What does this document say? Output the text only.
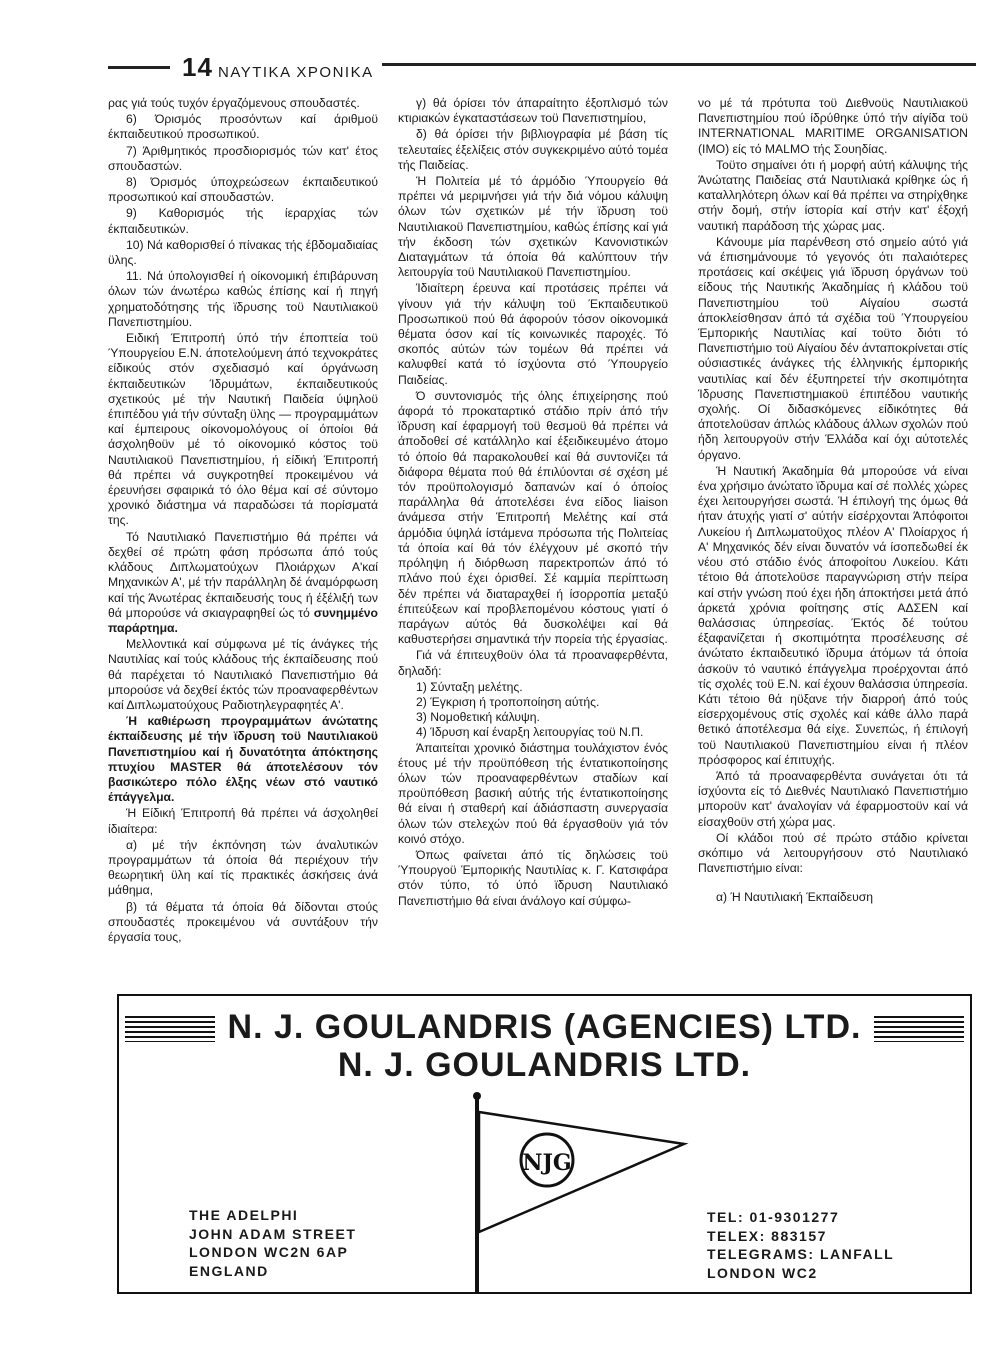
14 ΝΑΥΤΙΚΑ ΧΡΟΝΙΚΑ

ρας γιά τούς τυχόν έργαζόμενους σπουδαστές.

6) Όρισμός προσόντων καί άριθμοϋ έκπαιδευτικού προσωπικού.

7) Άριθμητικός προσδιορισμός τών κατ' έτος σπουδαστών.

8) Όρισμός ύποχρεώσεων έκπαιδευτικού προσωπικού καί σπουδαστών.

9) Καθορισμός τής ίεραρχίας τών έκπαιδευτικών.

10) Νά καθορισθεί ό πίνακας τής έβδομαδιαίας ϋλης.

11. Νά ύπολογισθεί ή οίκονομική έπιβάρυνση όλων τών άνωτέρω καθώς έπίσης καί ή πηγή χρηματοδότησης τής ϊδρυσης τοϋ Ναυτιλιακοϋ Πανεπιστημίου.

Ειδική Έπιτροπή ύπό τήν έποπτεία τοϋ Ύπουργείου Ε.Ν. άποτελούμενη άπό τεχνοκράτες είδικούς στόν σχεδιασμό καί όργάνωση έκπαιδευτικών Ίδρυμάτων, έκπαιδευτικούς σχετικούς μέ τήν Ναυτική Παιδεία ύψηλοϋ έπιπέδου γιά τήν σύνταξη ϋλης — προγραμμάτων καί έμπειρους οίκονομολόγους οί όποίοι θά άσχοληθοϋν μέ τό οίκονομικό κόστος τοϋ Ναυτιλιακοϋ Πανεπιστημίου, ή είδική Έπιτροπή θά πρέπει νά συγκροτηθεί προκειμένου νά έρευνήσει σφαιρικά τό όλο θέμα καί σέ σύντομο χρονικό διάστημα νά παραδώσει τά πορίσματά της.

Τό Ναυτιλιακό Πανεπιστήμιο θά πρέπει νά δεχθεί σέ πρώτη φάση πρόσωπα άπό τούς κλάδους Διπλωματούχων Πλοιάρχων Α'καί Μηχανικών Α', μέ τήν παράλληλη δέ άναμόρφωση καί τής Άνωτέρας έκπαιδευσής τους ή έξέλιξή των θά μπορούσε νά σκιαγραφηθεί ώς τό συνημμένο παράρτημα.

Μελλοντικά καί σύμφωνα μέ τίς άνάγκες τής Ναυτιλίας καί τούς κλάδους τής έκπαίδευσης πού θά παρέχεται τό Ναυτιλιακό Πανεπιστήμιο θά μπορούσε νά δεχθεί έκτός τών προαναφερθέντων καί Διπλωματούχους Ραδιοτηλεγραφητές Α'.

Ή καθιέρωση προγραμμάτων άνώτατης έκπαίδευσης μέ τήν ϊδρυση τοϋ Ναυτιλιακοϋ Πανεπιστημίου καί ή δυνατότητα άπόκτησης πτυχίου MASTER θά άποτελέσουν τόν βασικώτερο πόλο έλξης νέων στό ναυτικό έπάγγελμα.

Ή Είδική Έπιτροπή θά πρέπει νά άσχοληθεί ίδιαίτερα:

α) μέ τήν έκπόνηση τών άναλυτικών προγραμμάτων τά όποία θά περιέχουν τήν θεωρητική ϋλη καί τίς πρακτικές άσκήσεις άνά μάθημα,

β) τά θέματα τά όποία θά δίδονται στούς σπουδαστές προκειμένου νά συντάξουν τήν έργασία τους,

γ) θά όρίσει τόν άπαραίτητο έξοπλισμό τών κτιριακών έγκαταστάσεων τοϋ Πανεπιστημίου,

δ) θά όρίσει τήν βιβλιογραφία μέ βάση τίς τελευταίες έξελίξεις στόν συγκεκριμένο αύτό τομέα τής Παιδείας.

Ή Πολιτεία μέ τό άρμόδιο Ύπουργείο θά πρέπει νά μεριμνήσει γιά τήν διά νόμου κάλυψη όλων τών σχετικών μέ τήν ϊδρυση τοϋ Ναυτιλιακοϋ Πανεπιστημίου, καθώς έπίσης καί γιά τήν έκδοση τών σχετικών Κανονιστικών Διαταγμάτων τά όποία θά καλύπτουν τήν λειτουργία τοϋ Ναυτιλιακοϋ Πανεπιστημίου.

Ίδιαίτερη έρευνα καί προτάσεις πρέπει νά γίνουν γιά τήν κάλυψη τοϋ Έκπαιδευτικοϋ Προσωπικοϋ πού θά άφορούν τόσον οίκονομικά θέματα όσον καί τίς κοινωνικές παροχές. Τό σκοπός αύτών τών τομέων θά πρέπει νά καλυφθεί κατά τό ίσχύοντα στό Ύπουργείο Παιδείας.

Ό συντονισμός τής όλης έπιχείρησης πού άφορά τό προκαταρτικό στάδιο πρίν άπό τήν ϊδρυση καί έφαρμογή τοϋ θεσμοϋ θά πρέπει νά άποδοθεί σέ κατάλληλο καί έξειδικευμένο άτομο τό όποίο θά παρακολουθεί καί θά συντονίζει τά διάφορα θέματα πού θά έπιλύονται σέ σχέση μέ τόν προϋπολογισμό δαπανών καί ό όποίος παράλληλα θά άποτελέσει ένα είδος liaison άνάμεσα στήν Έπιτροπή Μελέτης καί στά άρμόδια ύψηλά ίστάμενα πρόσωπα τής Πολιτείας τά όποία καί θά τόν έλέγχουν μέ σκοπό τήν πρόληψη ή διόρθωση παρεκτροπών άπό τό πλάνο πού έχει όρισθεί. Σέ καμμία περίπτωση δέν πρέπει νά διαταραχθεί ή ίσορροπία μεταξύ έπιτεύξεων καί προβλεπομένου κόστους γιατί ό παράγων αύτός θά δυσκολέψει καί θά καθυστερήσει σημαντικά τήν πορεία τής έργασίας.

Γιά νά έπιτευχθοϋν όλα τά προαναφερθέντα, δηλαδή:

1) Σύνταξη μελέτης.

2) Έγκριση ή τροποποίηση αύτής.

3) Νομοθετική κάλυψη.

4) Ίδρυση καί έναρξη λειτουργίας τοϋ Ν.Π.

Άπαιτείται χρονικό διάστημα τουλάχιστον ένός έτους μέ τήν προϋπόθεση τής έντατικοποίησης όλων τών προαναφερθέντων σταδίων καί προϋπόθεση βασική αύτής τής έντατικοποίησης θά είναι ή σταθερή καί άδιάσπαστη συνεργασία όλων τών στελεχών πού θά έργασθοϋν γιά τόν κοινό στόχο.

Όπως φαίνεται άπό τίς δηλώσεις τοϋ Ύπουργοϋ Έμπορικής Ναυτιλίας κ. Γ. Κατσιφάρα στόν τύπο, τό ύπό ϊδρυση Ναυτιλιακό Πανεπιστήμιο θά είναι άνάλογο καί σύμφω-

νο μέ τά πρότυπα τοϋ Διεθνοϋς Ναυτιλιακοϋ Πανεπιστημίου πού ίδρύθηκε ύπό τήν αίγίδα τοϋ INTERNATIONAL MARITIME ORGANISATION (IMO) είς τό MALMO τής Σουηδίας.

Τοϋτο σημαίνει ότι ή μορφή αύτή κάλυψης τής Άνώτατης Παιδείας στά Ναυτιλιακά κρίθηκε ώς ή καταλληλότερη όλων καί θά πρέπει να στηρίχθηκε στήν δομή, στήν ίστορία καί στήν κατ' έξοχή ναυτική παράδοση τής χώρας μας.

Κάνουμε μία παρένθεση στό σημείο αύτό γιά νά έπισημάνουμε τό γεγονός ότι παλαιότερες προτάσεις καί σκέψεις γιά ϊδρυση όργάνων τοϋ είδους τής Ναυτικής Άκαδημίας ή κλάδου τοϋ Πανεπιστημίου τοϋ Αίγαίου σωστά άποκλείσθησαν άπό τά σχέδια τοϋ Ύπουργείου Έμπορικής Ναυτιλίας καί τοϋτο διότι τό Πανεπιστήμιο τοϋ Αίγαίου δέν άνταποκρίνεται στίς ούσιαστικές άνάγκες τής έλληνικής έμπορικής ναυτιλίας καί δέν έξυπηρετεί τήν σκοπιμότητα Ίδρυσης Πανεπιστημιακοϋ έπιπέδου ναυτικής σχολής. Οί διδασκόμενες είδικότητες θά άποτελοϋσαν άπλώς κλάδους άλλων σχολών πού ήδη λειτουργοϋν στήν Έλλάδα καί όχι αύτοτελές όργανο.

Ή Ναυτική Άκαδημία θά μπορούσε νά είναι ένα χρήσιμο άνώτατο ϊδρυμα καί σέ πολλές χώρες έχει λειτουργήσει σωστά. Ή έπιλογή της όμως θά ήταν άτυχής γιατί σ' αύτήν είσέρχονται Άπόφοιτοι Λυκείου ή Διπλωματοϋχος πλέον Α' Πλοίαρχος ή Α' Μηχανικός δέν είναι δυνατόν νά ίσοπεδωθεί έκ νέου στό στάδιο ένός άποφοίτου Λυκείου. Κάτι τέτοιο θά άποτελοϋσε παραγνώριση στήν πείρα καί στήν γνώση πού έχει ήδη άποκτήσει μετά άπό άρκετά χρόνια φοίτησης στίς ΑΔΣΕΝ καί θαλάσσιας ύπηρεσίας. Έκτός δέ τούτου έξαφανίζεται ή σκοπιμότητα προσέλευσης σέ άνώτατο έκπαιδευτικό ϊδρυμα άτόμων τά όποία άσκοϋν τό ναυτικό έπάγγελμα προέρχονται άπό τίς σχολές τοϋ Ε.Ν. καί έχουν θαλάσσια ύπηρεσία. Κάτι τέτοιο θά ηϋξανε τήν διαρροή άπό τούς είσερχομένους στίς σχολές καί κάθε άλλο παρά θετικό άποτέλεσμα θά είχε. Συνεπώς, ή έπιλογή τοϋ Ναυτιλιακοϋ Πανεπιστημίου είναι ή πλέον πρόσφορος καί έπιτυχής.

Άπό τά προαναφερθέντα συνάγεται ότι τά ίσχύοντα είς τό Διεθνές Ναυτιλιακό Πανεπιστήμιο μποροϋν κατ' άναλογίαν νά έφαρμοστοϋν καί νά είσαχθοϋν στή χώρα μας.

Οί κλάδοι πού σέ πρώτο στάδιο κρίνεται σκόπιμο νά λειτουργήσουν στό Ναυτιλιακό Πανεπιστήμιο είναι:

α) Ή Ναυτιλιακή Έκπαίδευση

N. J. GOULANDRIS (AGENCIES) LTD.
N. J. GOULANDRIS LTD.
NJG
THE ADELPHI
JOHN ADAM STREET
LONDON WC2N 6AP
ENGLAND
TEL: 01-9301277
TELEX: 883157
TELEGRAMS: LANFALL
LONDON WC2
